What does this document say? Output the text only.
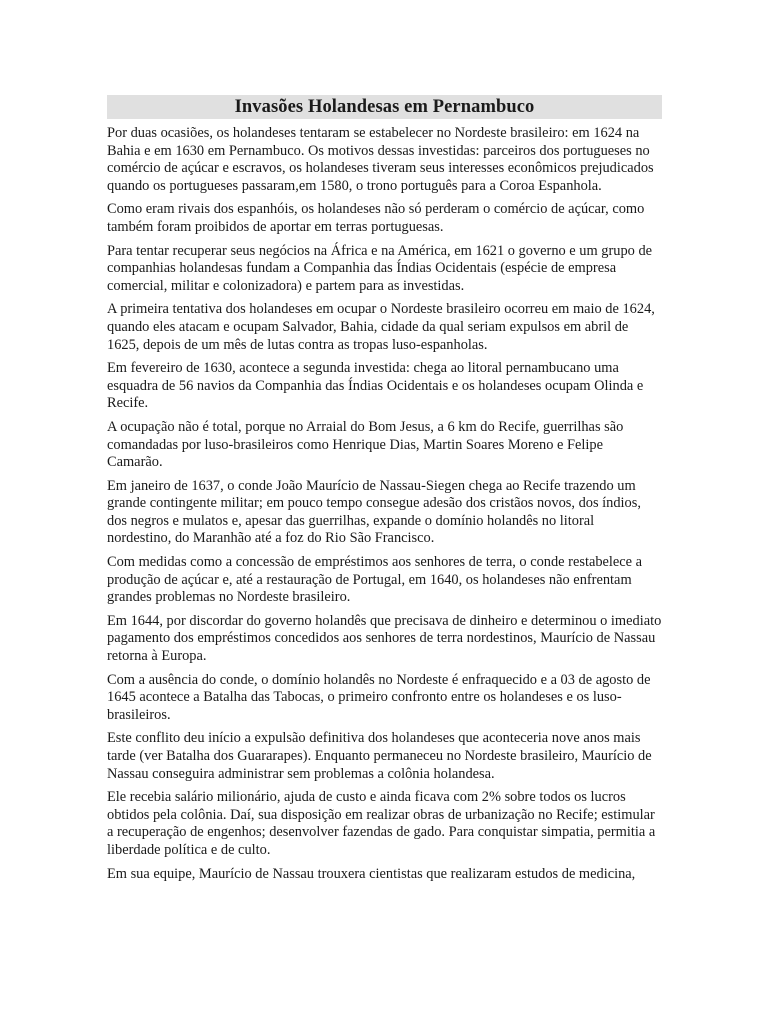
Invasões Holandesas em Pernambuco

Por duas ocasiões, os holandeses tentaram se estabelecer no Nordeste brasileiro: em 1624 na Bahia e em 1630 em Pernambuco. Os motivos dessas investidas: parceiros dos portugueses no comércio de açúcar e escravos, os holandeses tiveram seus interesses econômicos prejudicados quando os portugueses passaram,em 1580, o trono português para a Coroa Espanhola.

Como eram rivais dos espanhóis, os holandeses não só perderam o comércio de açúcar, como também foram proibidos de aportar em terras portuguesas.

Para tentar recuperar seus negócios na África e na América, em 1621 o governo e um grupo de companhias holandesas fundam a Companhia das Índias Ocidentais (espécie de empresa comercial, militar e colonizadora) e partem para as investidas.

A primeira tentativa dos holandeses em ocupar o Nordeste brasileiro ocorreu em maio de 1624, quando eles atacam e ocupam Salvador, Bahia, cidade da qual seriam expulsos em abril de 1625, depois de um mês de lutas contra as tropas luso-espanholas.

Em fevereiro de 1630, acontece a segunda investida: chega ao litoral pernambucano uma esquadra de 56 navios da Companhia das Índias Ocidentais e os holandeses ocupam Olinda e Recife.

A ocupação não é total, porque no Arraial do Bom Jesus, a 6 km do Recife, guerrilhas são comandadas por luso-brasileiros como Henrique Dias, Martin Soares Moreno e Felipe Camarão.

Em janeiro de 1637, o conde João Maurício de Nassau-Siegen chega ao Recife trazendo um grande contingente militar; em pouco tempo consegue adesão dos cristãos novos, dos índios, dos negros e mulatos e, apesar das guerrilhas, expande o domínio holandês no litoral nordestino, do Maranhão até a foz do Rio São Francisco.

Com medidas como a concessão de empréstimos aos senhores de terra, o conde restabelece a produção de açúcar e, até a restauração de Portugal, em 1640, os holandeses não enfrentam grandes problemas no Nordeste brasileiro.

Em 1644, por discordar do governo holandês que precisava de dinheiro e determinou o imediato pagamento dos empréstimos concedidos aos senhores de terra nordestinos, Maurício de Nassau retorna à Europa.

Com a ausência do conde, o domínio holandês no Nordeste é enfraquecido e a 03 de agosto de 1645 acontece a Batalha das Tabocas, o primeiro confronto entre os holandeses e os luso-brasileiros.

Este conflito deu início a expulsão definitiva dos holandeses que aconteceria nove anos mais tarde (ver Batalha dos Guararapes). Enquanto permaneceu no Nordeste brasileiro, Maurício de Nassau conseguira administrar sem problemas a colônia holandesa.

Ele recebia salário milionário, ajuda de custo e ainda ficava com 2% sobre todos os lucros obtidos pela colônia. Daí, sua disposição em realizar obras de urbanização no Recife; estimular a recuperação de engenhos; desenvolver fazendas de gado. Para conquistar simpatia, permitia a liberdade política e de culto.

Em sua equipe, Maurício de Nassau trouxera cientistas que realizaram estudos de medicina,
